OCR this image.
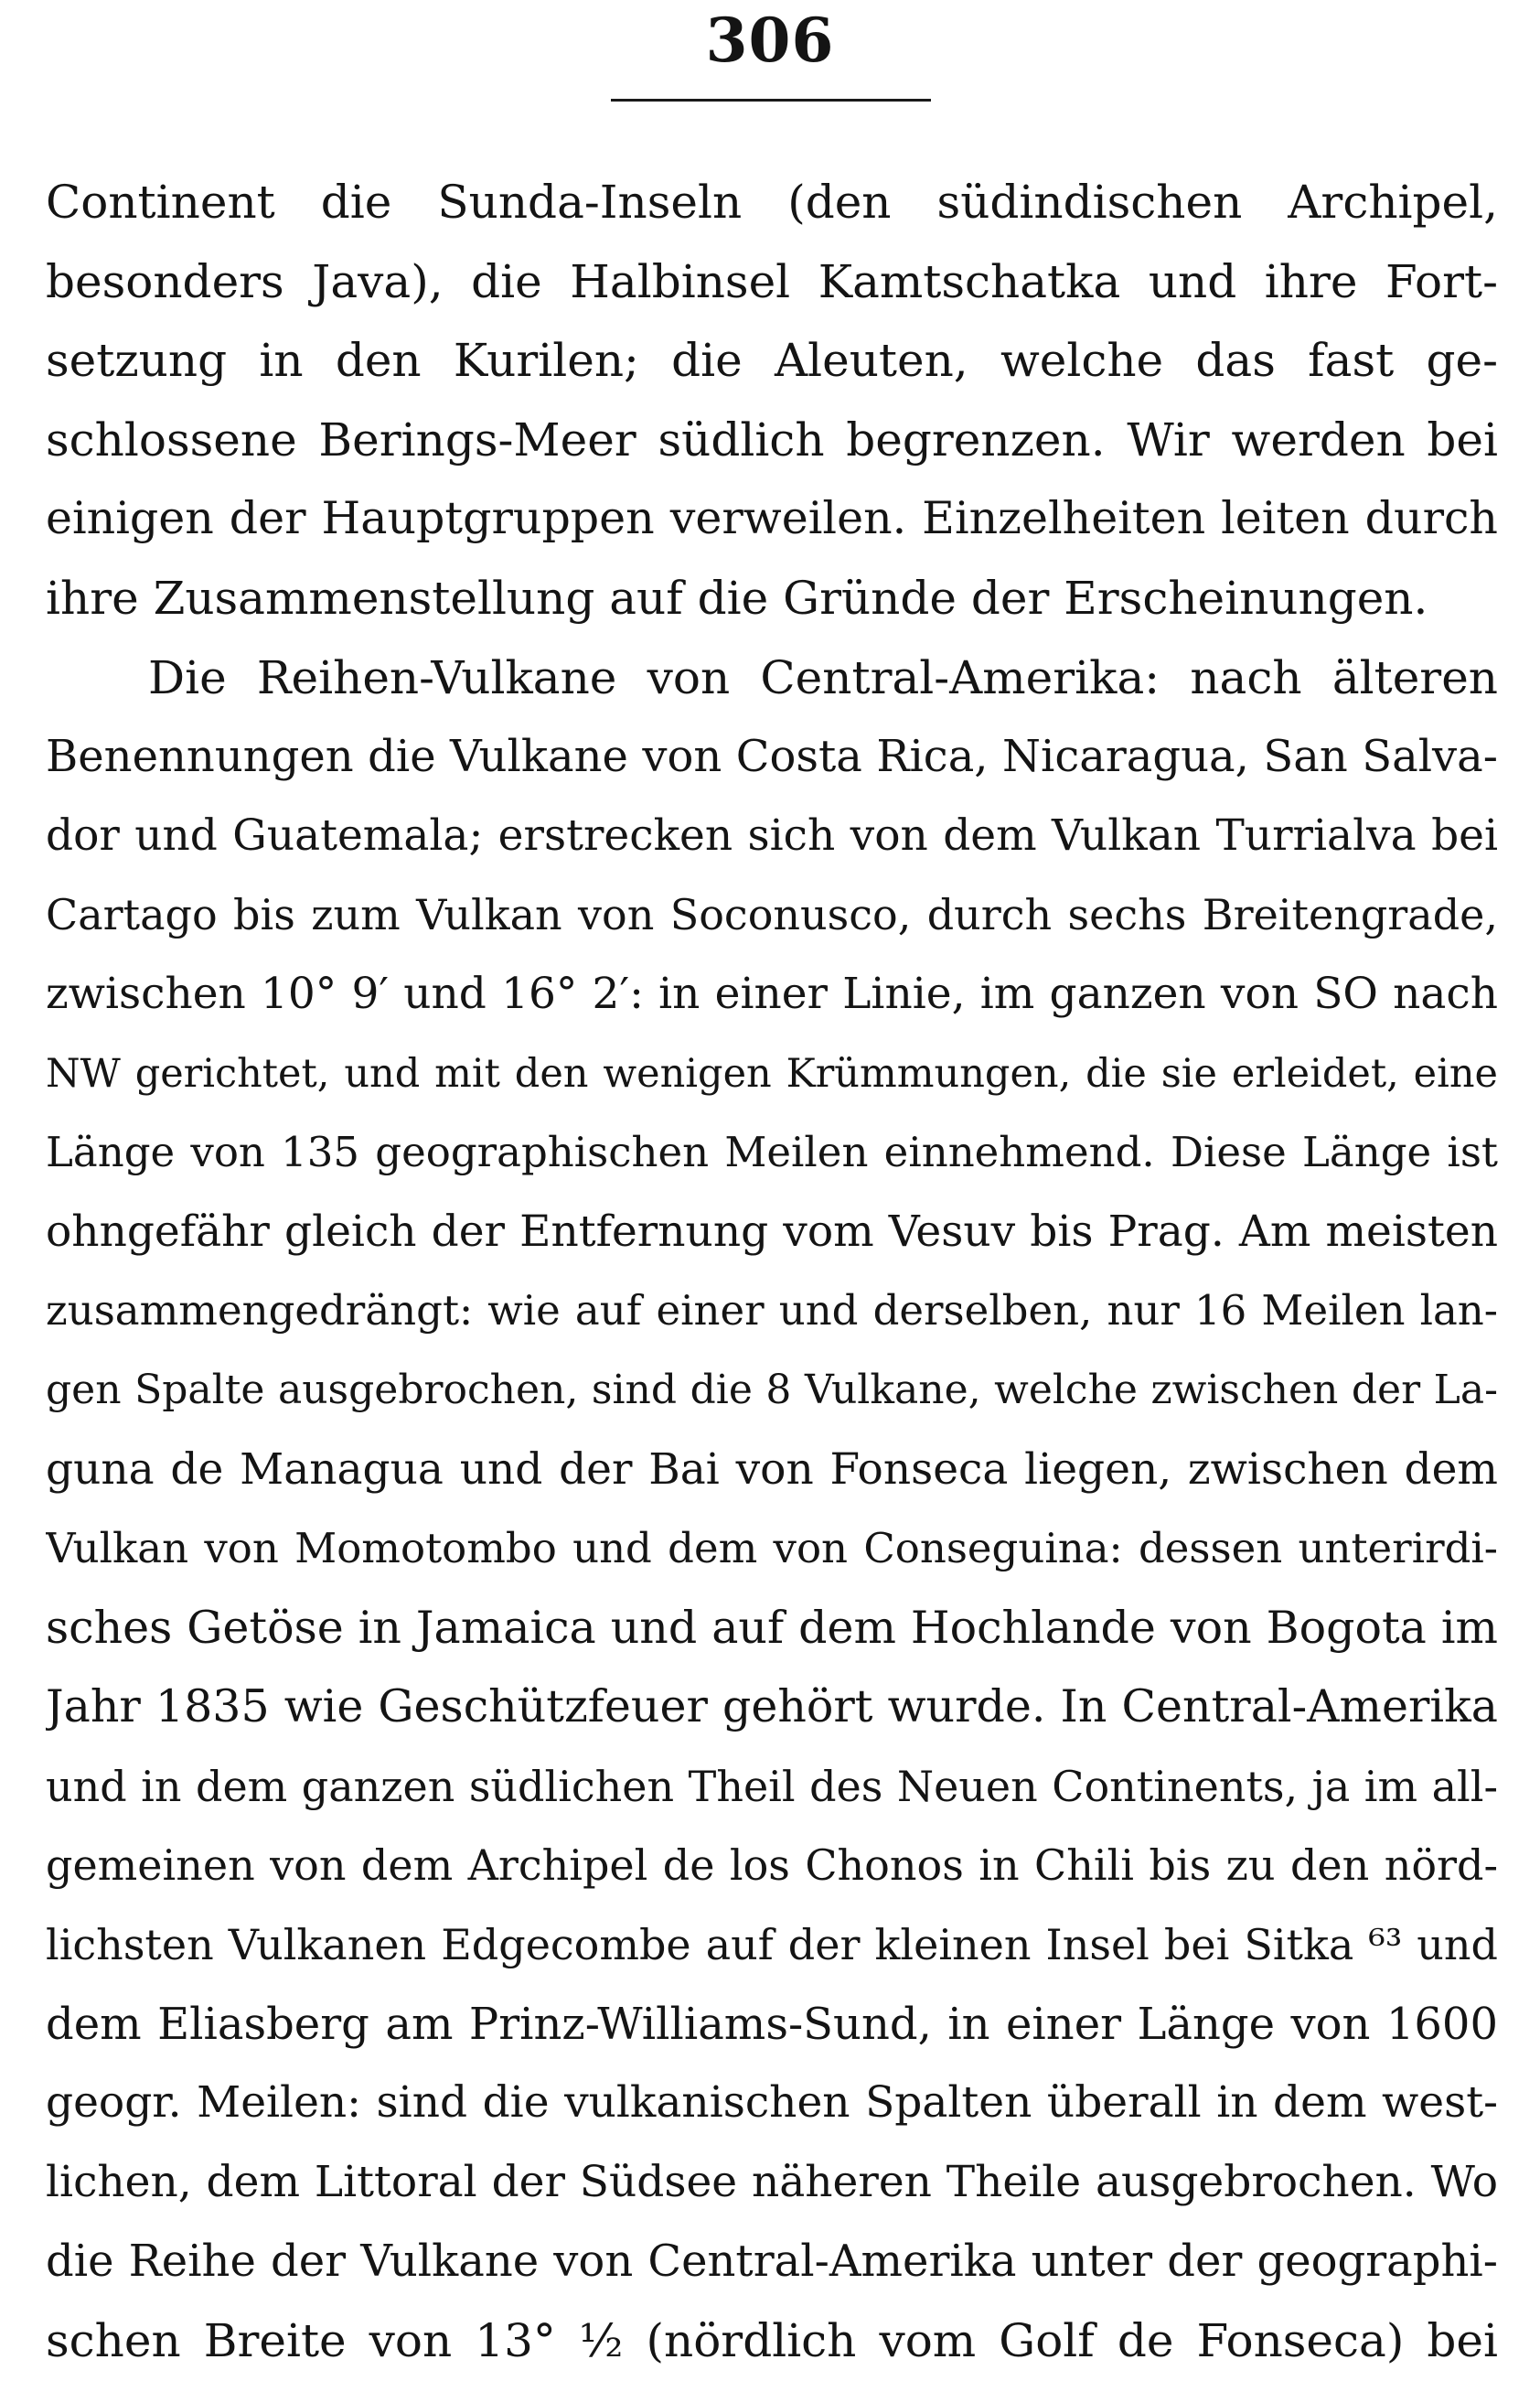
306
Continent die Sunda-Inseln (den südindischen Archipel,
besonders Java), die Halbinsel Kamtschatka und ihre Fort-
setzung in den Kurilen; die Aleuten, welche das fast ge-
schlossene Berings-Meer südlich begrenzen. Wir werden bei
einigen der Hauptgruppen verweilen. Einzelheiten leiten durch
ihre Zusammenstellung auf die Gründe der Erscheinungen.
Die Reihen-Vulkane von Central-Amerika: nach älteren
Benennungen die Vulkane von Costa Rica, Nicaragua, San Salva-
dor und Guatemala; erstrecken sich von dem Vulkan Turrialva bei
Cartago bis zum Vulkan von Soconusco, durch sechs Breitengrade,
zwischen 10° 9′ und 16° 2′: in einer Linie, im ganzen von SO nach
NW gerichtet, und mit den wenigen Krümmungen, die sie erleidet, eine
Länge von 135 geographischen Meilen einnehmend. Diese Länge ist
ohngefähr gleich der Entfernung vom Vesuv bis Prag. Am meisten
zusammengedrängt: wie auf einer und derselben, nur 16 Meilen lan-
gen Spalte ausgebrochen, sind die 8 Vulkane, welche zwischen der La-
guna de Managua und der Bai von Fonseca liegen, zwischen dem
Vulkan von Momotombo und dem von Conseguina: dessen unterirdi-
sches Getöse in Jamaica und auf dem Hochlande von Bogota im
Jahr 1835 wie Geschützfeuer gehört wurde. In Central-Amerika
und in dem ganzen südlichen Theil des Neuen Continents, ja im all-
gemeinen von dem Archipel de los Chonos in Chili bis zu den nörd-
lichsten Vulkanen Edgecombe auf der kleinen Insel bei Sitka ⁶³ und
dem Eliasberg am Prinz-Williams-Sund, in einer Länge von 1600
geogr. Meilen: sind die vulkanischen Spalten überall in dem west-
lichen, dem Littoral der Südsee näheren Theile ausgebrochen. Wo
die Reihe der Vulkane von Central-Amerika unter der geographi-
schen Breite von 13° ½ (nördlich vom Golf de Fonseca) bei
